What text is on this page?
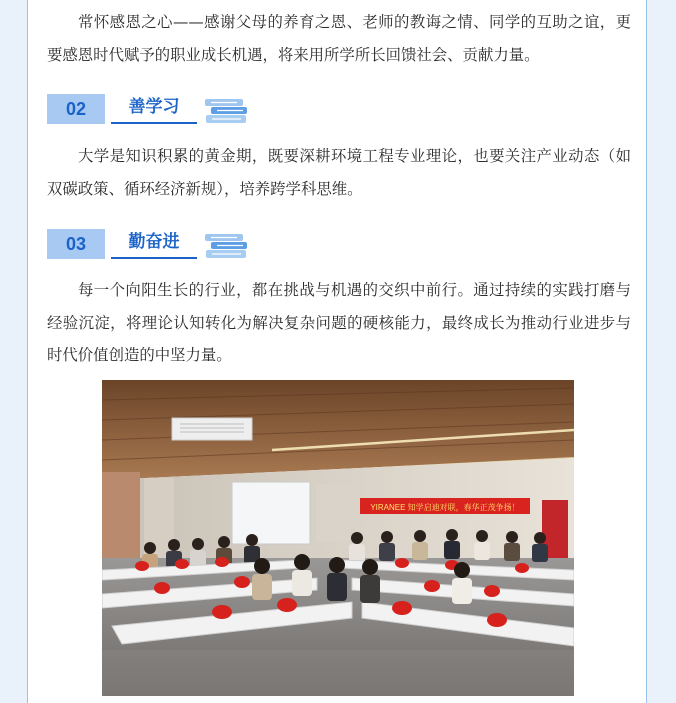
常怀感恩之心——感谢父母的养育之恩、老师的教诲之情、同学的互助之谊，更要感恩时代赋予的职业成长机遇，将来用所学所长回馈社会、贡献力量。

02	善学习

大学是知识积累的黄金期，既要深耕环境工程专业理论，也要关注产业动态（如双碳政策、循环经济新规），培养跨学科思维。

03	勤奋进

每一个向阳生长的行业，都在挑战与机遇的交织中前行。通过持续的实践打磨与经验沉淀，将理论认知转化为解决复杂问题的硬核能力，最终成长为推动行业进步与时代价值创造的中坚力量。

YIRANEE 知学启迪对联，春华正茂争扬！
